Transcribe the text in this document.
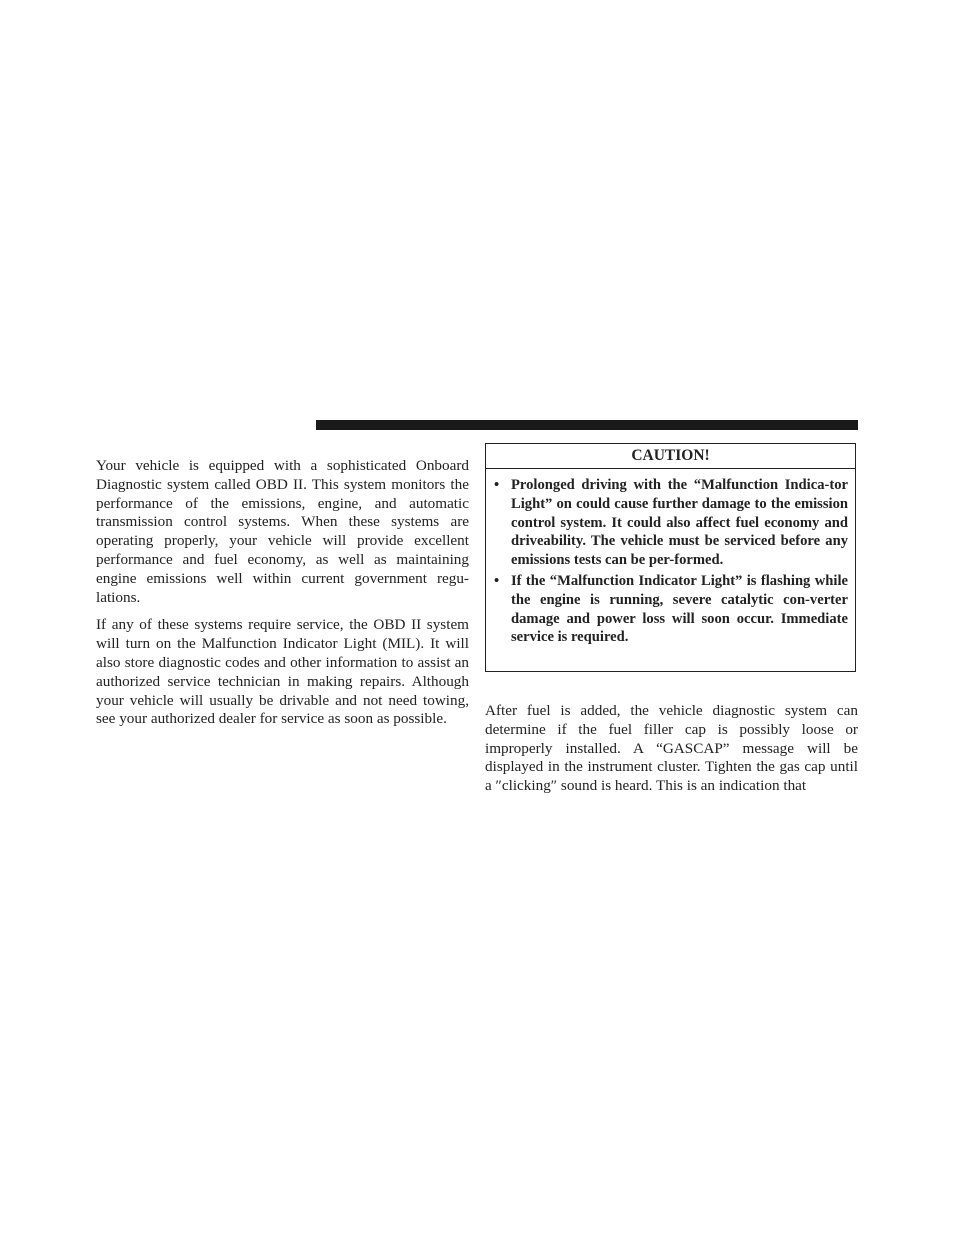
Your vehicle is equipped with a sophisticated Onboard Diagnostic system called OBD II. This system monitors the performance of the emissions, engine, and automatic transmission control systems. When these systems are operating properly, your vehicle will provide excellent performance and fuel economy, as well as maintaining engine emissions well within current government regu-lations.

If any of these systems require service, the OBD II system will turn on the Malfunction Indicator Light (MIL). It will also store diagnostic codes and other information to assist an authorized service technician in making repairs. Although your vehicle will usually be drivable and not need towing, see your authorized dealer for service as soon as possible.

CAUTION!
• Prolonged driving with the “Malfunction Indica-tor Light” on could cause further damage to the emission control system. It could also affect fuel economy and driveability. The vehicle must be serviced before any emissions tests can be per-formed.
• If the “Malfunction Indicator Light” is flashing while the engine is running, severe catalytic con-verter damage and power loss will soon occur. Immediate service is required.

After fuel is added, the vehicle diagnostic system can determine if the fuel filler cap is possibly loose or improperly installed. A “GASCAP” message will be displayed in the instrument cluster. Tighten the gas cap until a ″clicking″ sound is heard. This is an indication that
